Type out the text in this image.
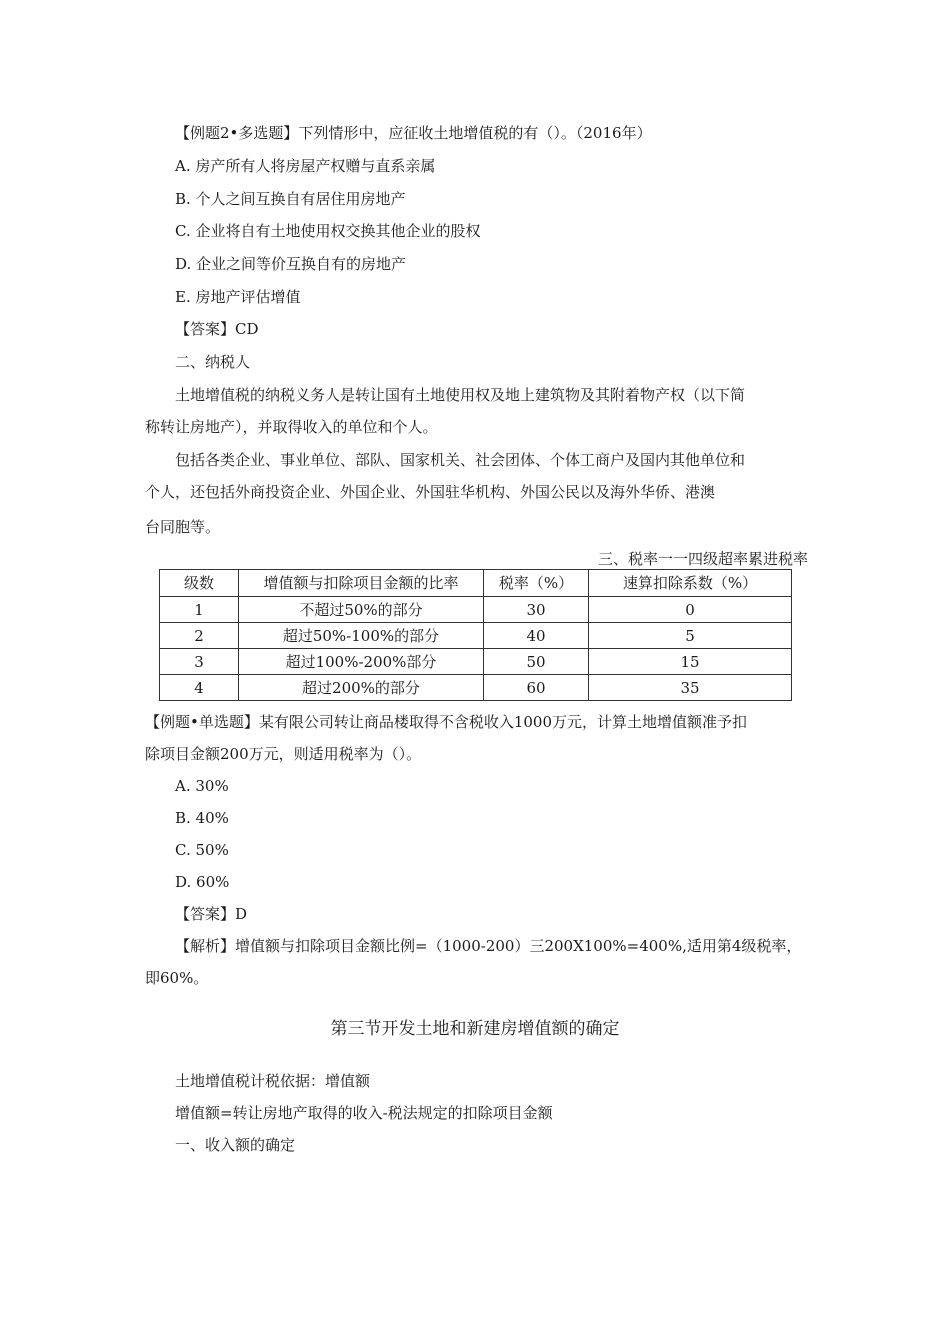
【例题2•多选题】下列情形中，应征收土地增值税的有（）。（2016年）
A. 房产所有人将房屋产权赠与直系亲属
B. 个人之间互换自有居住用房地产
C. 企业将自有土地使用权交换其他企业的股权
D. 企业之间等价互换自有的房地产
E. 房地产评估增值
【答案】CD
二、纳税人
土地增值税的纳税义务人是转让国有土地使用权及地上建筑物及其附着物产权（以下简
称转让房地产），并取得收入的单位和个人。
包括各类企业、事业单位、部队、国家机关、社会团体、个体工商户及国内其他单位和
个人，还包括外商投资企业、外国企业、外国驻华机构、外国公民以及海外华侨、港澳
台同胞等。
三、税率一一四级超率累进税率
级数	增值额与扣除项目金额的比率	税率（%）	速算扣除系数（%）
1	不超过50%的部分	30	0
2	超过50%-100%的部分	40	5
3	超过100%-200%部分	50	15
4	超过200%的部分	60	35
【例题•单选题】某有限公司转让商品楼取得不含税收入1000万元，计算土地增值额准予扣
除项目金额200万元，则适用税率为（）。
A. 30%
B. 40%
C. 50%
D. 60%
【答案】D
【解析】增值额与扣除项目金额比例=（1000-200）三200X100%=400%,适用第4级税率，
即60%。
第三节开发土地和新建房增值额的确定
土地增值税计税依据：增值额
增值额=转让房地产取得的收入-税法规定的扣除项目金额
一、收入额的确定
